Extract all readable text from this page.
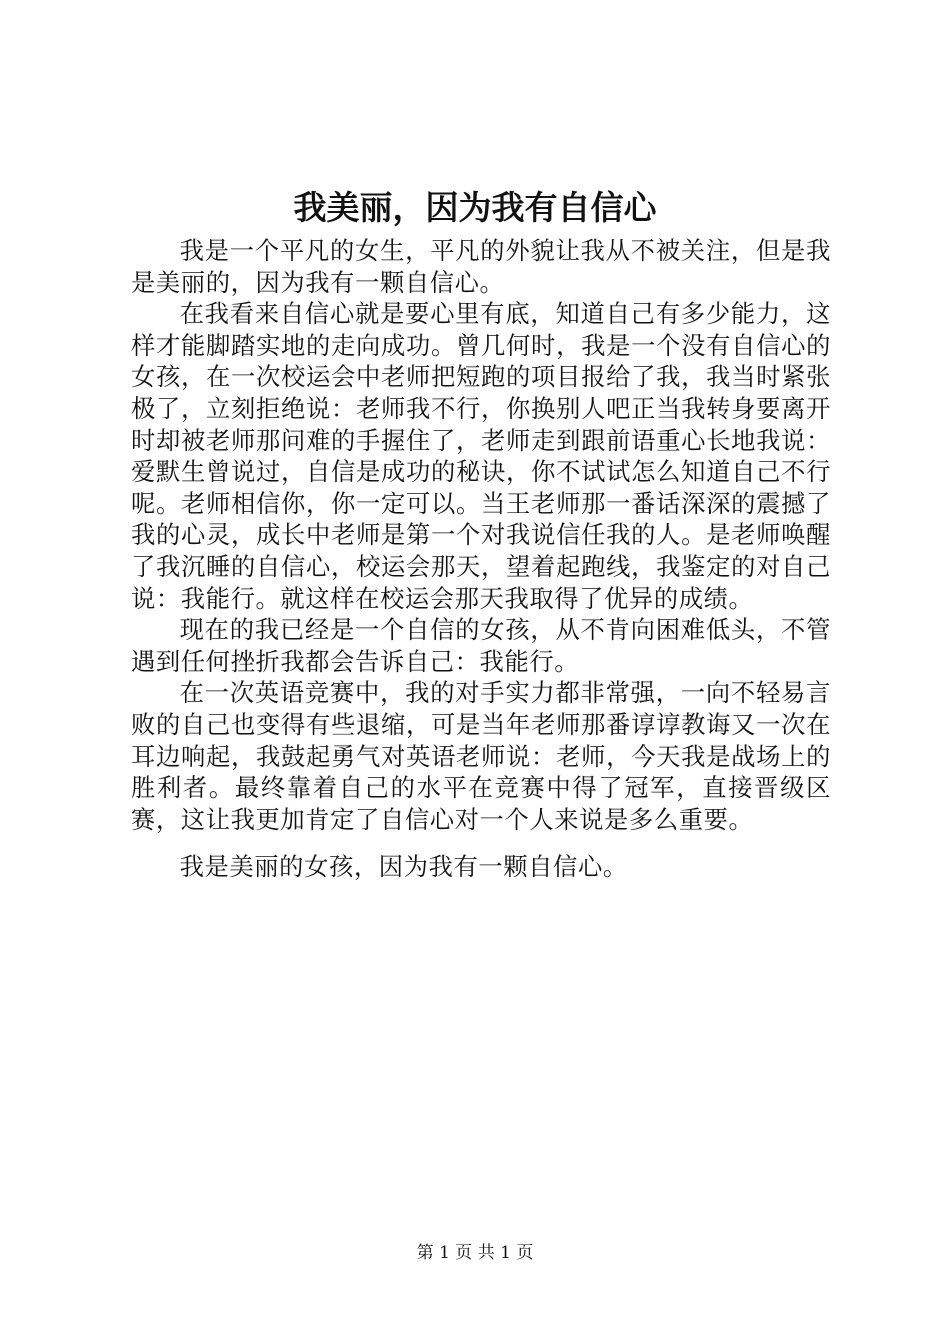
我美丽，因为我有自信心

我是一个平凡的女生，平凡的外貌让我从不被关注，但是我是美丽的，因为我有一颗自信心。

在我看来自信心就是要心里有底，知道自己有多少能力，这样才能脚踏实地的走向成功。曾几何时，我是一个没有自信心的女孩，在一次校运会中老师把短跑的项目报给了我，我当时紧张极了，立刻拒绝说：老师我不行，你换别人吧正当我转身要离开时却被老师那问难的手握住了，老师走到跟前语重心长地我说：爱默生曾说过，自信是成功的秘诀，你不试试怎么知道自己不行呢。老师相信你，你一定可以。当王老师那一番话深深的震撼了我的心灵，成长中老师是第一个对我说信任我的人。是老师唤醒了我沉睡的自信心，校运会那天，望着起跑线，我鉴定的对自己说：我能行。就这样在校运会那天我取得了优异的成绩。

现在的我已经是一个自信的女孩，从不肯向困难低头，不管遇到任何挫折我都会告诉自己：我能行。

在一次英语竞赛中，我的对手实力都非常强，一向不轻易言败的自己也变得有些退缩，可是当年老师那番谆谆教诲又一次在耳边响起，我鼓起勇气对英语老师说：老师，今天我是战场上的胜利者。最终靠着自己的水平在竞赛中得了冠军，直接晋级区赛，这让我更加肯定了自信心对一个人来说是多么重要。

我是美丽的女孩，因为我有一颗自信心。

第 1 页 共 1 页
